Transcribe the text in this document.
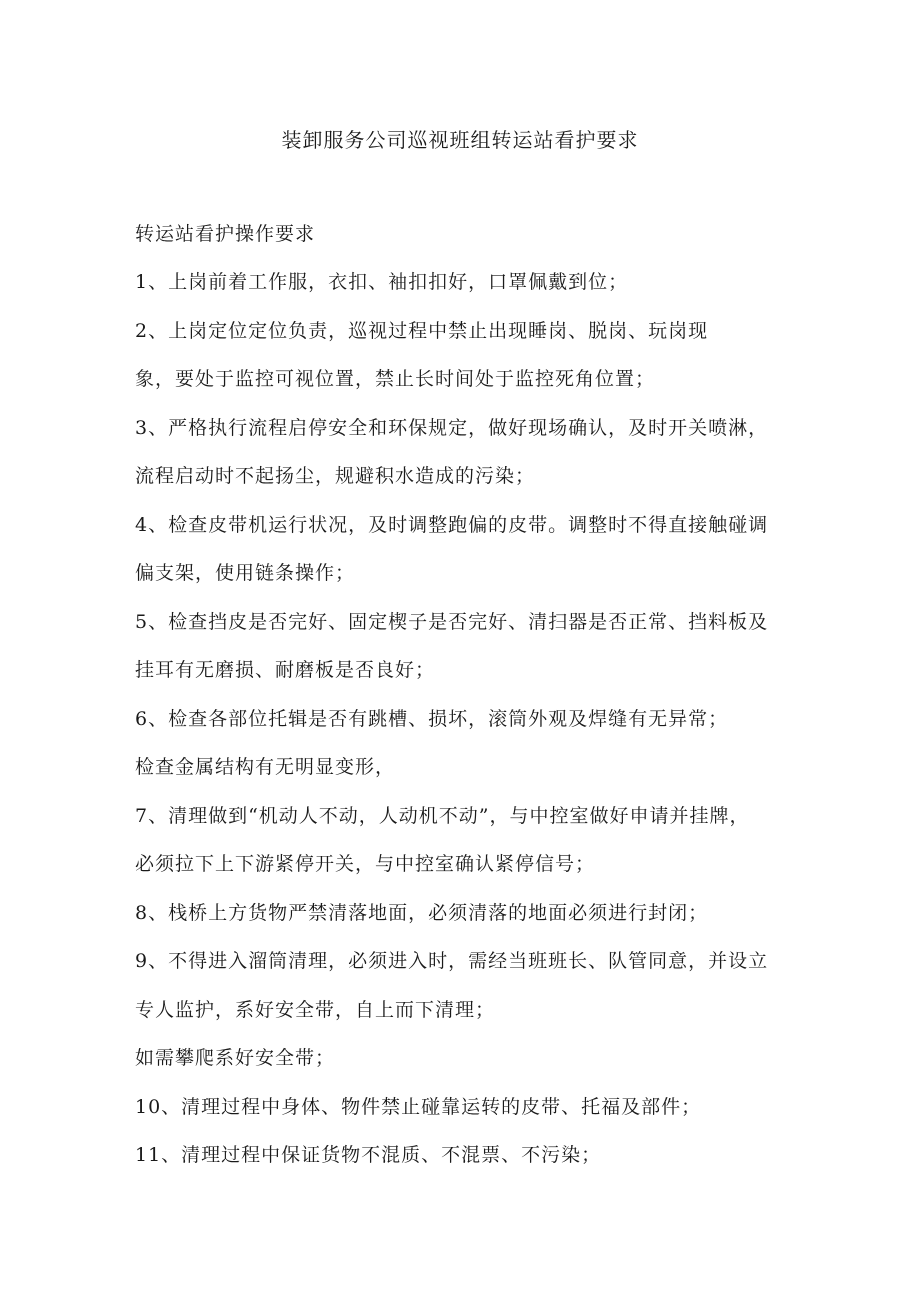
装卸服务公司巡视班组转运站看护要求
转运站看护操作要求
1、上岗前着工作服，衣扣、袖扣扣好，口罩佩戴到位；
2、上岗定位定位负责，巡视过程中禁止出现睡岗、脱岗、玩岗现
象，要处于监控可视位置，禁止长时间处于监控死角位置；
3、严格执行流程启停安全和环保规定，做好现场确认，及时开关喷淋，
流程启动时不起扬尘，规避积水造成的污染；
4、检查皮带机运行状况，及时调整跑偏的皮带。调整时不得直接触碰调
偏支架，使用链条操作；
5、检查挡皮是否完好、固定楔子是否完好、清扫器是否正常、挡料板及
挂耳有无磨损、耐磨板是否良好；
6、检查各部位托辑是否有跳槽、损坏，滚筒外观及焊缝有无异常；
检查金属结构有无明显变形，
7、清理做到“机动人不动，人动机不动”，与中控室做好申请并挂牌，
必须拉下上下游紧停开关，与中控室确认紧停信号；
8、栈桥上方货物严禁清落地面，必须清落的地面必须进行封闭；
9、不得进入溜筒清理，必须进入时，需经当班班长、队管同意，并设立
专人监护，系好安全带，自上而下清理；
如需攀爬系好安全带；
10、清理过程中身体、物件禁止碰靠运转的皮带、托福及部件；
11、清理过程中保证货物不混质、不混票、不污染；
